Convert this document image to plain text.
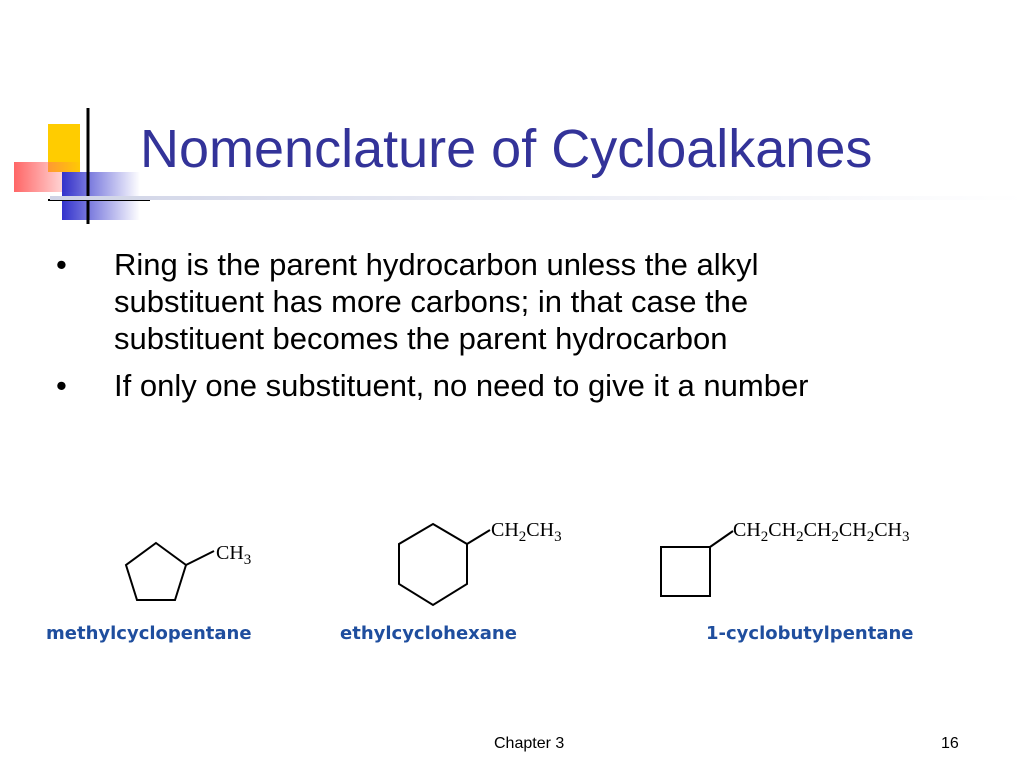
Nomenclature of Cycloalkanes
• Ring is the parent hydrocarbon unless the alkyl substituent has more carbons; in that case the substituent becomes the parent hydrocarbon
• If only one substituent, no need to give it a number
$CH_3$
methylcyclopentane
$CH_2CH_3$
ethylcyclohexane
$CH_2CH_2CH_2CH_2CH_3$
1-cyclobutylpentane
Chapter 3	16
